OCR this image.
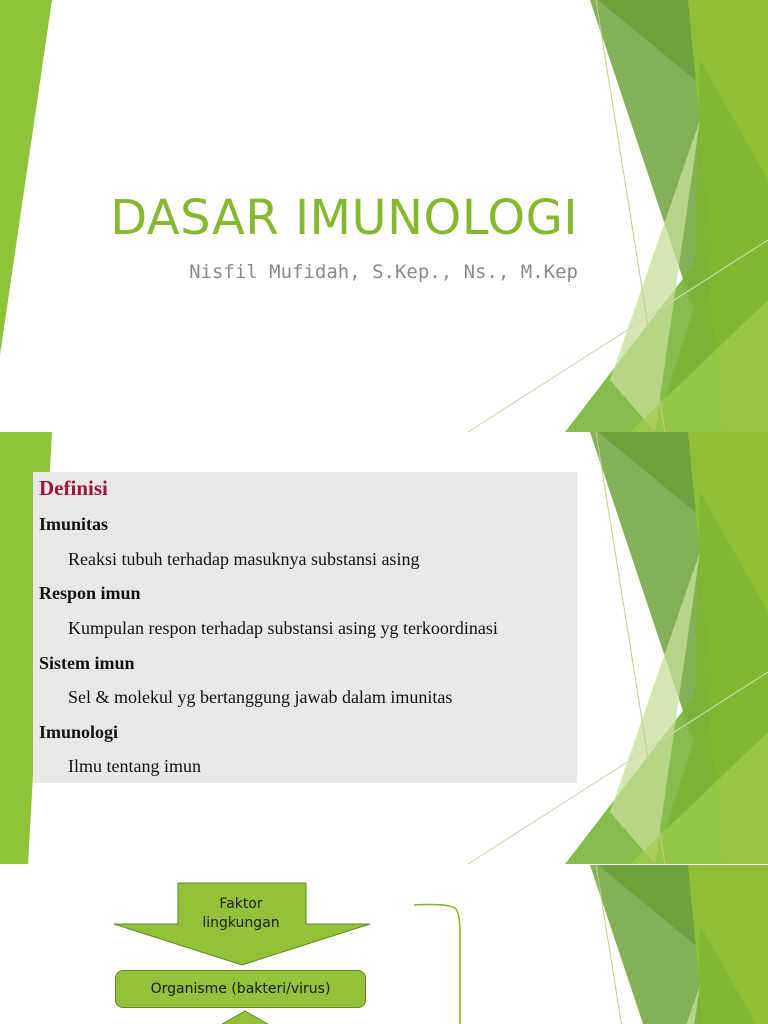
DASAR IMUNOLOGI
Nisfil Mufidah, S.Kep., Ns., M.Kep
Definisi
Imunitas
Reaksi tubuh terhadap masuknya substansi asing
Respon imun
Kumpulan respon terhadap substansi asing yg terkoordinasi
Sistem imun
Sel & molekul yg bertanggung jawab dalam imunitas
Imunologi
Ilmu tentang imun
Faktor
lingkungan
Organisme (bakteri/virus)
